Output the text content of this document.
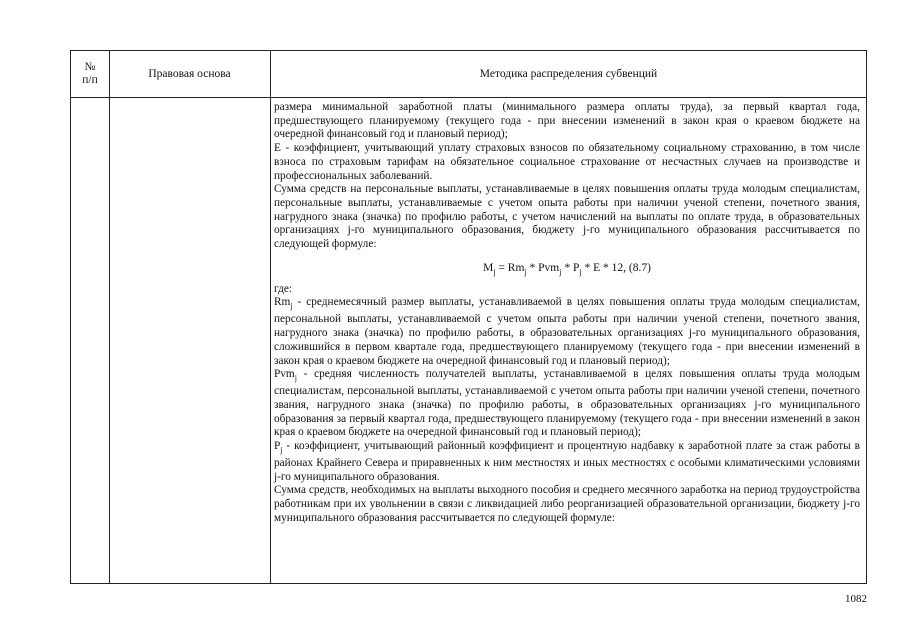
№
п/п	Правовая основа	Методика распределения субвенций

размера минимальной заработной платы (минимального размера оплаты труда), за первый квартал года, предшествующего планируемому (текущего года - при внесении изменений в закон края о краевом бюджете на очередной финансовый год и плановый период);

E - коэффициент, учитывающий уплату страховых взносов по обязательному социальному страхованию, в том числе взноса по страховым тарифам на обязательное социальное страхование от несчастных случаев на производстве и профессиональных заболеваний.

Сумма средств на персональные выплаты, устанавливаемые в целях повышения оплаты труда молодым специалистам, персональные выплаты, устанавливаемые с учетом опыта работы при наличии ученой степени, почетного звания, нагрудного знака (значка) по профилю работы, с учетом начислений на выплаты по оплате труда, в образовательных организациях j-го муниципального образования, бюджету j-го муниципального образования рассчитывается по следующей формуле:

$M_j = Rm_j * Pvm_j * P_j * E * 12$, (8.7)

где:

$Rm_j$ - среднемесячный размер выплаты, устанавливаемой в целях повышения оплаты труда молодым специалистам, персональной выплаты, устанавливаемой с учетом опыта работы при наличии ученой степени, почетного звания, нагрудного знака (значка) по профилю работы, в образовательных организациях j-го муниципального образования, сложившийся в первом квартале года, предшествующего планируемому (текущего года - при внесении изменений в закон края о краевом бюджете на очередной финансовый год и плановый период);

Pvm$_j$ - средняя численность получателей выплаты, устанавливаемой в целях повышения оплаты труда молодым специалистам, персональной выплаты, устанавливаемой с учетом опыта работы при наличии ученой степени, почетного звания, нагрудного знака (значка) по профилю работы, в образовательных организациях j-го муниципального образования за первый квартал года, предшествующего планируемому (текущего года - при внесении изменений в закон края о краевом бюджете на очередной финансовый год и плановый период);

$P_j$ - коэффициент, учитывающий районный коэффициент и процентную надбавку к заработной плате за стаж работы в районах Крайнего Севера и приравненных к ним местностях и иных местностях с особыми климатическими условиями j-го муниципального образования.

Сумма средств, необходимых на выплаты выходного пособия и среднего месячного заработка на период трудоустройства работникам при их увольнении в связи с ликвидацией либо реорганизацией образовательной организации, бюджету j-го муниципального образования рассчитывается по следующей формуле:

1082
